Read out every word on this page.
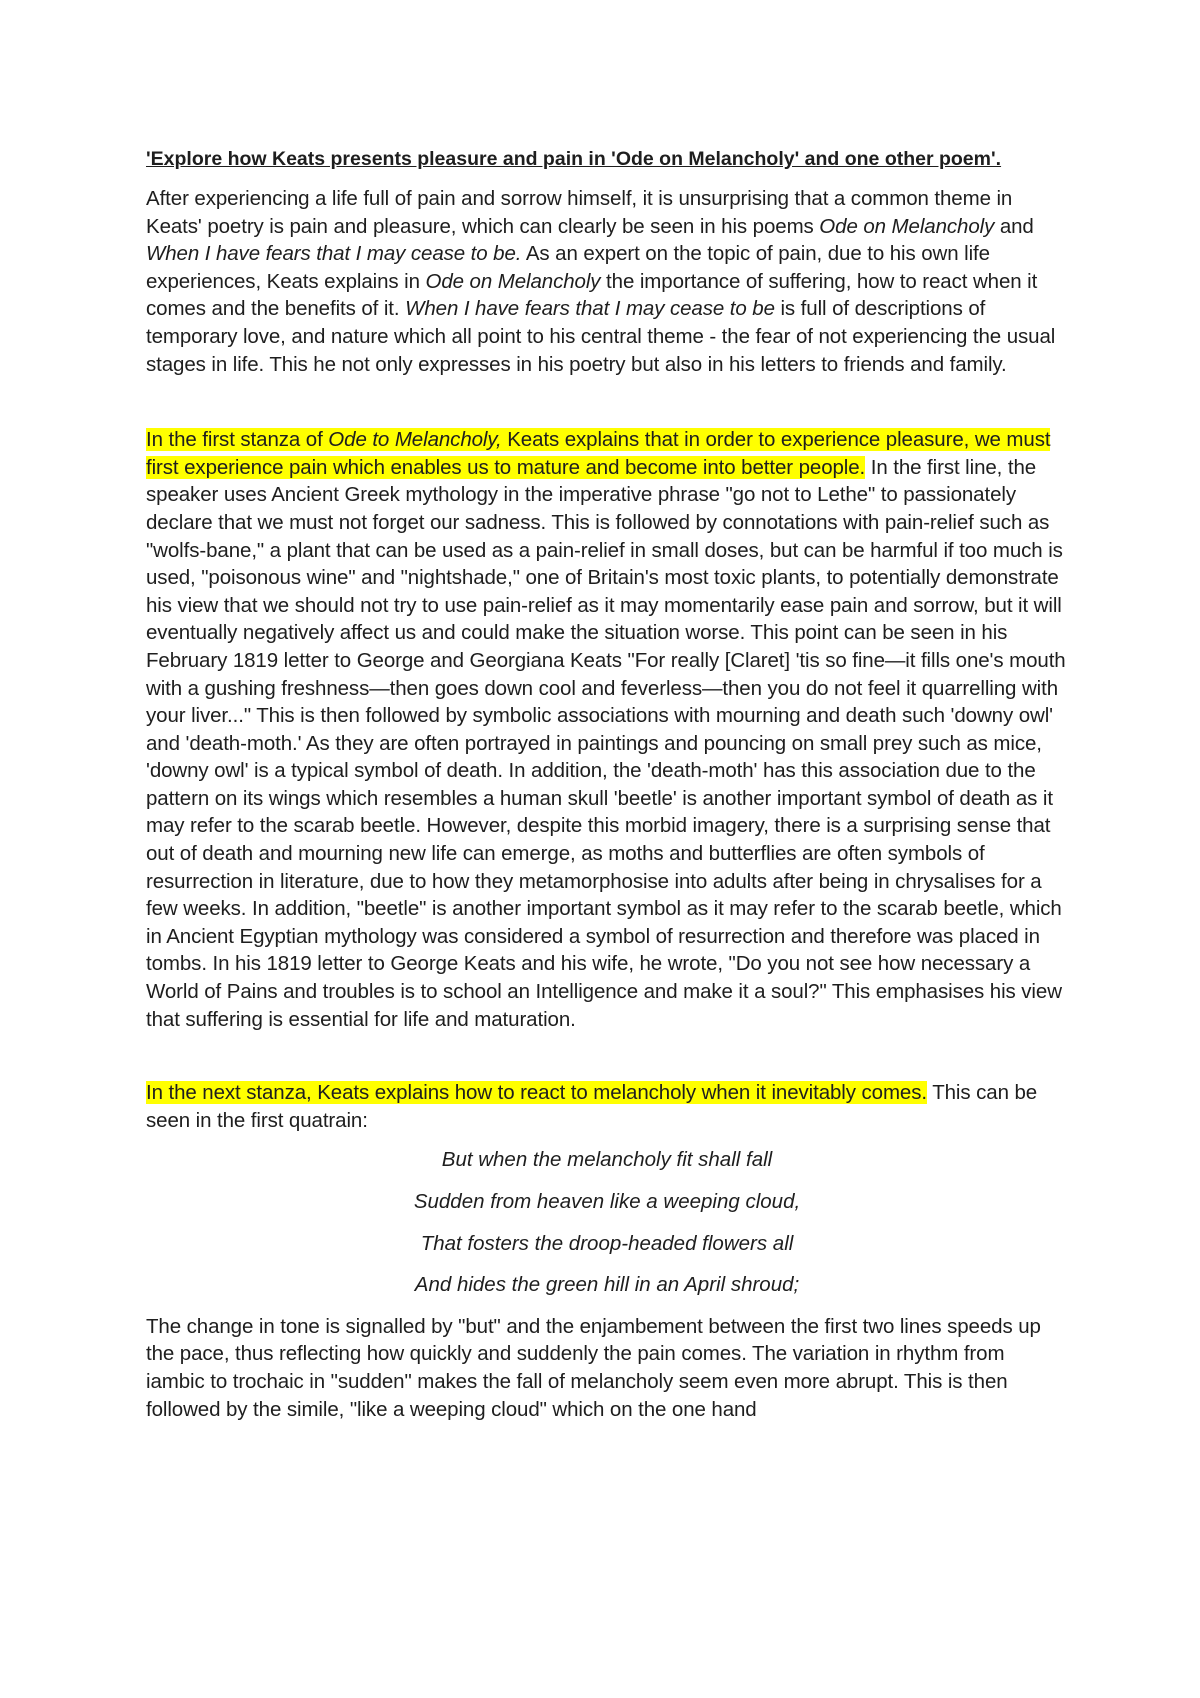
'Explore how Keats presents pleasure and pain in 'Ode on Melancholy' and one other poem'.

After experiencing a life full of pain and sorrow himself, it is unsurprising that a common theme in Keats' poetry is pain and pleasure, which can clearly be seen in his poems Ode on Melancholy and When I have fears that I may cease to be. As an expert on the topic of pain, due to his own life experiences, Keats explains in Ode on Melancholy the importance of suffering, how to react when it comes and the benefits of it. When I have fears that I may cease to be is full of descriptions of temporary love, and nature which all point to his central theme - the fear of not experiencing the usual stages in life. This he not only expresses in his poetry but also in his letters to friends and family.

In the first stanza of Ode to Melancholy, Keats explains that in order to experience pleasure, we must first experience pain which enables us to mature and become into better people. In the first line, the speaker uses Ancient Greek mythology in the imperative phrase "go not to Lethe" to passionately declare that we must not forget our sadness. This is followed by connotations with pain-relief such as "wolfs-bane," a plant that can be used as a pain-relief in small doses, but can be harmful if too much is used, "poisonous wine" and "nightshade," one of Britain's most toxic plants, to potentially demonstrate his view that we should not try to use pain-relief as it may momentarily ease pain and sorrow, but it will eventually negatively affect us and could make the situation worse. This point can be seen in his February 1819 letter to George and Georgiana Keats "For really [Claret] 'tis so fine—it fills one's mouth with a gushing freshness—then goes down cool and feverless—then you do not feel it quarrelling with your liver..." This is then followed by symbolic associations with mourning and death such 'downy owl' and 'death-moth.' As they are often portrayed in paintings and pouncing on small prey such as mice, 'downy owl' is a typical symbol of death. In addition, the 'death-moth' has this association due to the pattern on its wings which resembles a human skull 'beetle' is another important symbol of death as it may refer to the scarab beetle. However, despite this morbid imagery, there is a surprising sense that out of death and mourning new life can emerge, as moths and butterflies are often symbols of resurrection in literature, due to how they metamorphosise into adults after being in chrysalises for a few weeks. In addition, "beetle" is another important symbol as it may refer to the scarab beetle, which in Ancient Egyptian mythology was considered a symbol of resurrection and therefore was placed in tombs. In his 1819 letter to George Keats and his wife, he wrote, "Do you not see how necessary a World of Pains and troubles is to school an Intelligence and make it a soul?" This emphasises his view that suffering is essential for life and maturation.

In the next stanza, Keats explains how to react to melancholy when it inevitably comes. This can be seen in the first quatrain:

But when the melancholy fit shall fall

Sudden from heaven like a weeping cloud,

That fosters the droop-headed flowers all

And hides the green hill in an April shroud;

The change in tone is signalled by "but" and the enjambement between the first two lines speeds up the pace, thus reflecting how quickly and suddenly the pain comes. The variation in rhythm from iambic to trochaic in "sudden" makes the fall of melancholy seem even more abrupt. This is then followed by the simile, "like a weeping cloud" which on the one hand
